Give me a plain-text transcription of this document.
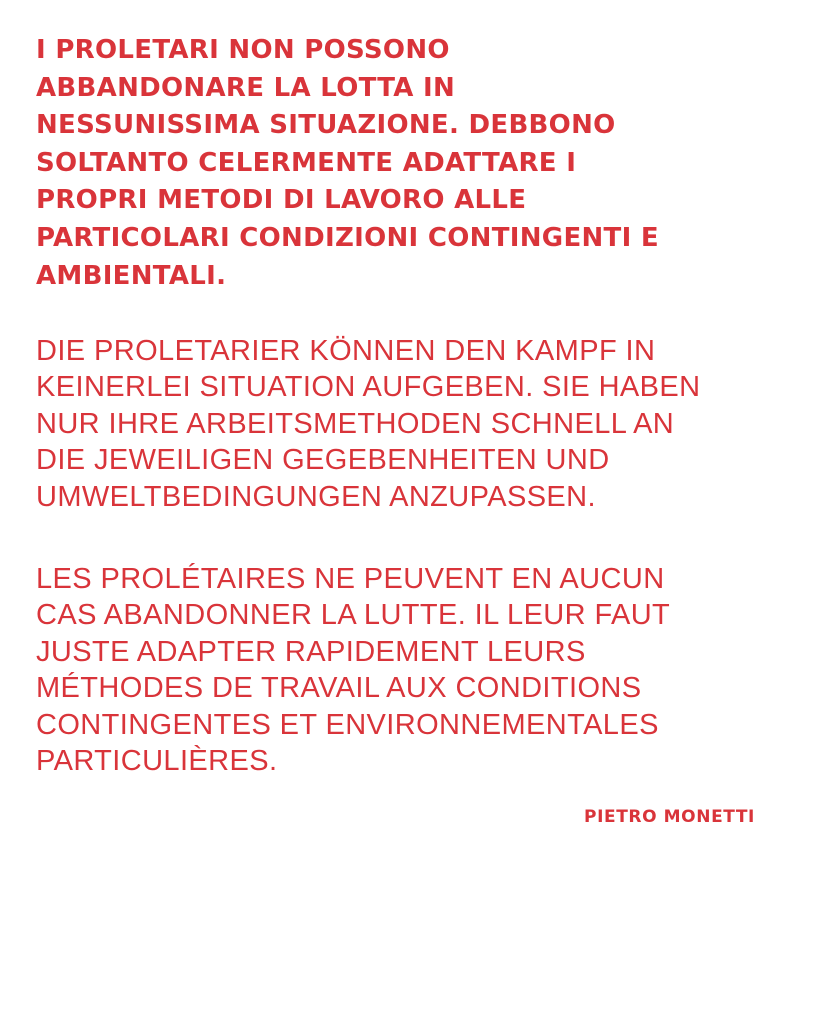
I PROLETARI NON POSSONO
ABBANDONARE LA LOTTA IN
NESSUNISSIMA SITUAZIONE. DEBBONO
SOLTANTO CELERMENTE ADATTARE I
PROPRI METODI DI LAVORO ALLE
PARTICOLARI CONDIZIONI CONTINGENTI E
AMBIENTALI.

DIE PROLETARIER KÖNNEN DEN KAMPF IN
KEINERLEI SITUATION AUFGEBEN. SIE HABEN
NUR IHRE ARBEITSMETHODEN SCHNELL AN
DIE JEWEILIGEN GEGEBENHEITEN UND
UMWELTBEDINGUNGEN ANZUPASSEN.

LES PROLÉTAIRES NE PEUVENT EN AUCUN
CAS ABANDONNER LA LUTTE. IL LEUR FAUT
JUSTE ADAPTER RAPIDEMENT LEURS
MÉTHODES DE TRAVAIL AUX CONDITIONS
CONTINGENTES ET ENVIRONNEMENTALES
PARTICULIÈRES.

PIETRO MONETTI
